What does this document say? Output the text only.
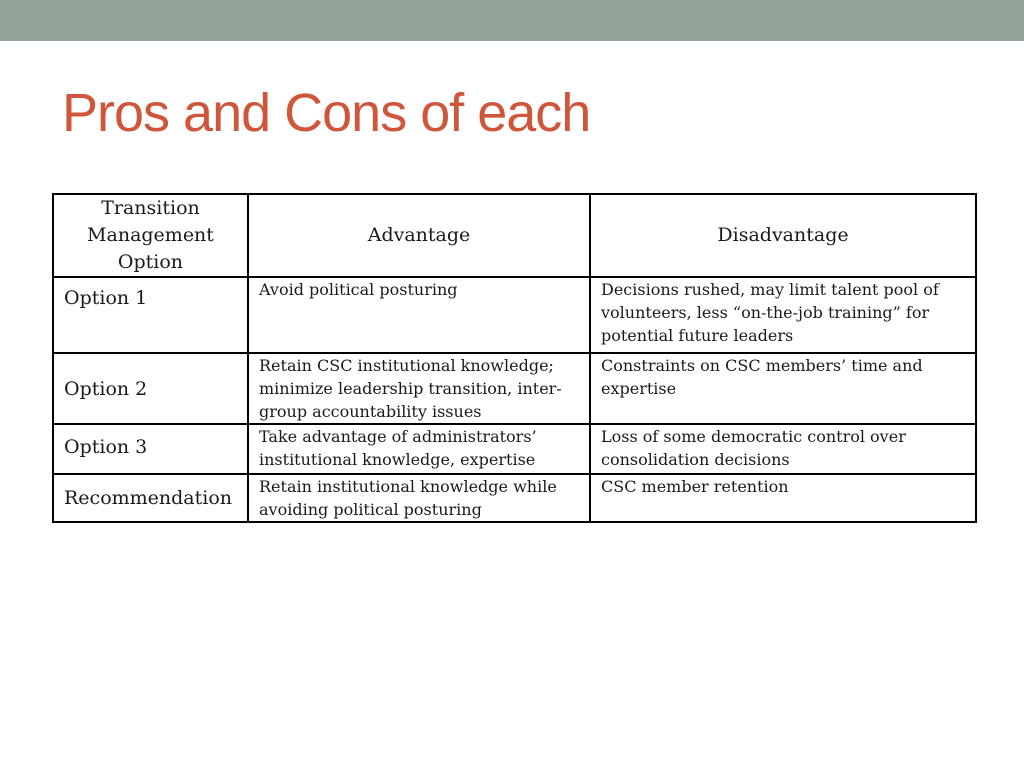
Pros and Cons of each
Transition Management Option	Advantage	Disadvantage
Option 1	Avoid political posturing	Decisions rushed, may limit talent pool of volunteers, less “on-the-job training” for potential future leaders
Option 2	Retain CSC institutional knowledge; minimize leadership transition, inter-group accountability issues	Constraints on CSC members’ time and expertise
Option 3	Take advantage of administrators’ institutional knowledge, expertise	Loss of some democratic control over consolidation decisions
Recommendation	Retain institutional knowledge while avoiding political posturing	CSC member retention
